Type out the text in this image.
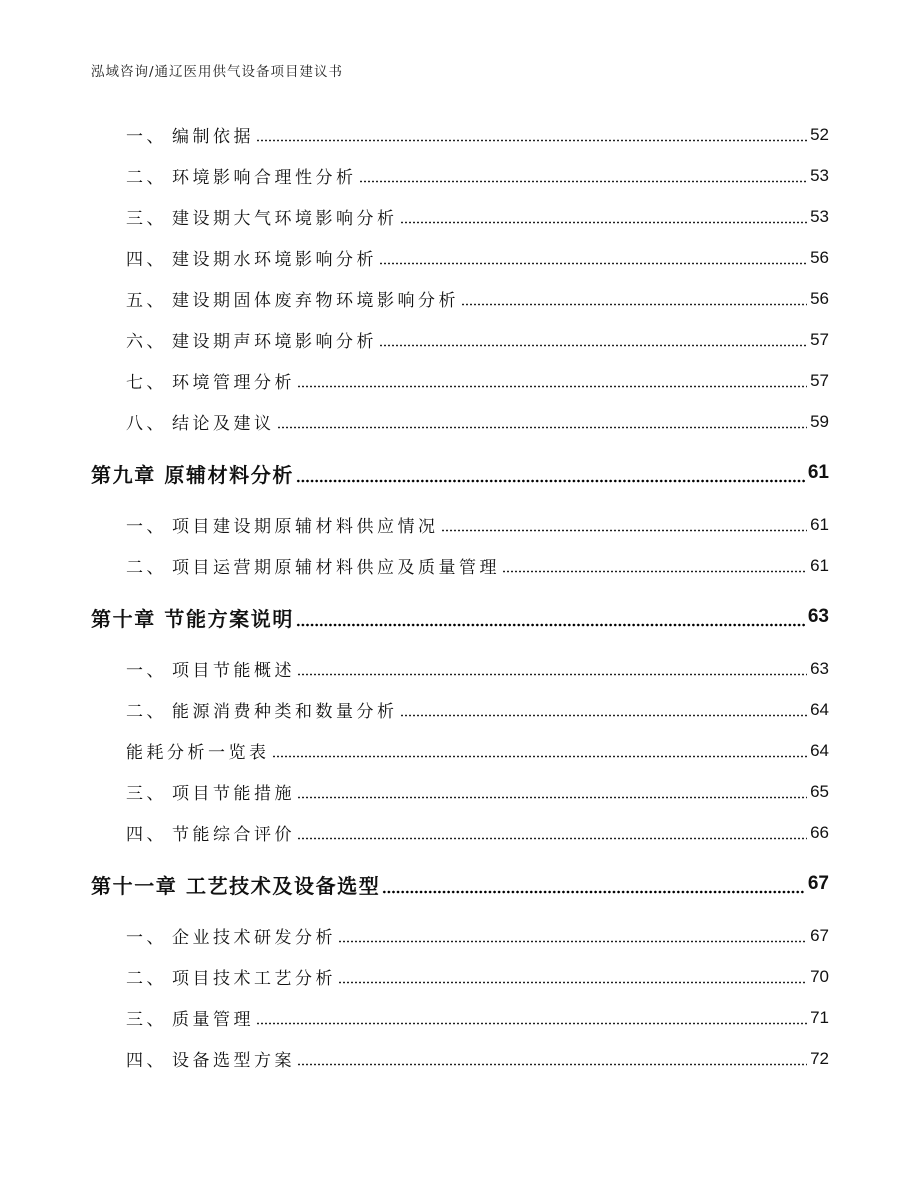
泓域咨询/通辽医用供气设备项目建议书
一、 编制依据	52
二、 环境影响合理性分析	53
三、 建设期大气环境影响分析	53
四、 建设期水环境影响分析	56
五、 建设期固体废弃物环境影响分析	56
六、 建设期声环境影响分析	57
七、 环境管理分析	57
八、 结论及建议	59
第九章 原辅材料分析	61
一、 项目建设期原辅材料供应情况	61
二、 项目运营期原辅材料供应及质量管理	61
第十章 节能方案说明	63
一、 项目节能概述	63
二、 能源消费种类和数量分析	64
能耗分析一览表	64
三、 项目节能措施	65
四、 节能综合评价	66
第十一章 工艺技术及设备选型	67
一、 企业技术研发分析	67
二、 项目技术工艺分析	70
三、 质量管理	71
四、 设备选型方案	72
